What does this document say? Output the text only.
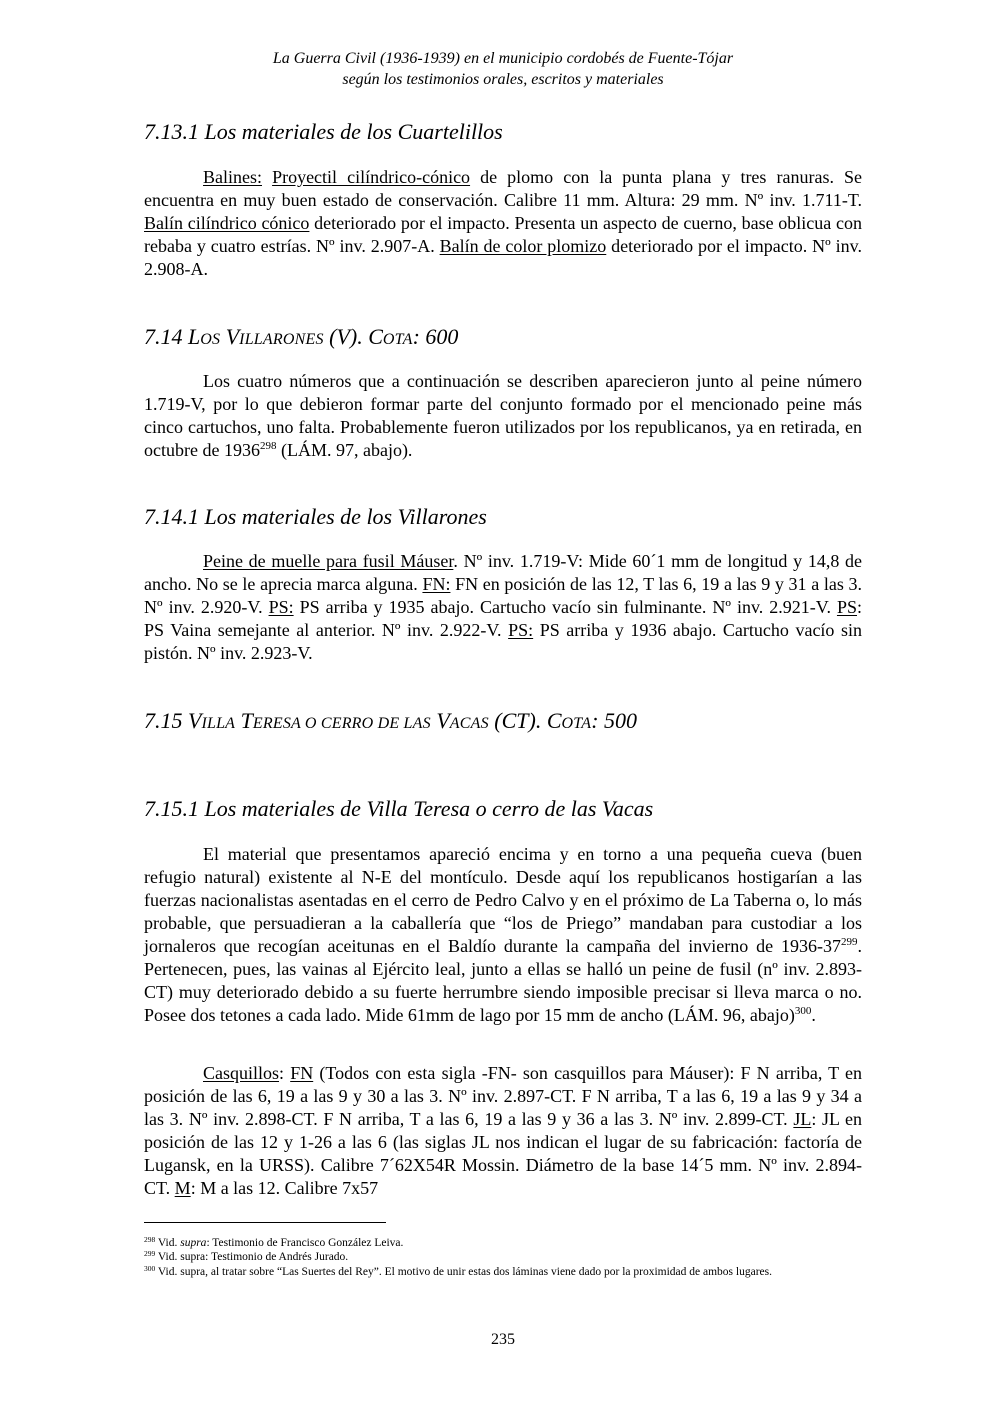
La Guerra Civil (1936-1939) en el municipio cordobés de Fuente-Tójar
según los testimonios orales, escritos y materiales
7.13.1 Los materiales de los Cuartelillos

Balines: Proyectil cilíndrico-cónico de plomo con la punta plana y tres ranuras. Se encuentra en muy buen estado de conservación. Calibre 11 mm. Altura: 29 mm. Nº inv. 1.711-T. Balín cilíndrico cónico deteriorado por el impacto. Presenta un aspecto de cuerno, base oblicua con rebaba y cuatro estrías. Nº inv. 2.907-A. Balín de color plomizo deteriorado por el impacto. Nº inv. 2.908-A.

7.14 LOS VILLARONES (V). COTA: 600

Los cuatro números que a continuación se describen aparecieron junto al peine número 1.719-V, por lo que debieron formar parte del conjunto formado por el mencionado peine más cinco cartuchos, uno falta. Probablemente fueron utilizados por los republicanos, ya en retirada, en octubre de 1936$^{298}$ (LÁM. 97, abajo).

7.14.1 Los materiales de los Villarones

Peine de muelle para fusil Máuser. Nº inv. 1.719-V: Mide 60´1 mm de longitud y 14,8 de ancho. No se le aprecia marca alguna. FN: FN en posición de las 12, T las 6, 19 a las 9 y 31 a las 3. Nº inv. 2.920-V. PS: PS arriba y 1935 abajo. Cartucho vacío sin fulminante. Nº inv. 2.921-V. PS: PS Vaina semejante al anterior. Nº inv. 2.922-V. PS: PS arriba y 1936 abajo. Cartucho vacío sin pistón. Nº inv. 2.923-V.

7.15 VILLA TERESA O CERRO DE LAS VACAS (CT). COTA: 500
7.15.1 Los materiales de Villa Teresa o cerro de las Vacas

El material que presentamos apareció encima y en torno a una pequeña cueva (buen refugio natural) existente al N-E del montículo. Desde aquí los republicanos hostigarían a las fuerzas nacionalistas asentadas en el cerro de Pedro Calvo y en el próximo de La Taberna o, lo más probable, que persuadieran a la caballería que “los de Priego” mandaban para custodiar a los jornaleros que recogían aceitunas en el Baldío durante la campaña del invierno de $1936-37^{299}$. Pertenecen, pues, las vainas al Ejército leal, junto a ellas se halló un peine de fusil (nº inv. 2.893-CT) muy deteriorado debido a su fuerte herrumbre siendo imposible precisar si lleva marca o no. Posee dos tetones a cada lado. Mide 61mm de lago por 15 mm de ancho (LÁM. 96, abajo)$^{300}$.

Casquillos: FN (Todos con esta sigla -FN- son casquillos para Máuser): F N arriba, T en posición de las 6, 19 a las 9 y 30 a las 3. Nº inv. 2.897-CT. F N arriba, T a las 6, 19 a las 9 y 34 a las 3. Nº inv. 2.898-CT. F N arriba, T a las 6, 19 a las 9 y 36 a las 3. Nº inv. 2.899-CT. JL: JL en posición de las 12 y 1-26 a las 6 (las siglas JL nos indican el lugar de su fabricación: factoría de Lugansk, en la URSS). Calibre 7´62X54R Mossin. Diámetro de la base 14´5 mm. Nº inv. 2.894-CT. M: M a las 12. Calibre 7x57

$^{298}$ Vid. supra: Testimonio de Francisco González Leiva.

$^{299}$ Vid. supra: Testimonio de Andrés Jurado.

$^{300}$ Vid. supra, al tratar sobre “Las Suertes del Rey”. El motivo de unir estas dos láminas viene dado por la proximidad de ambos lugares.

235
